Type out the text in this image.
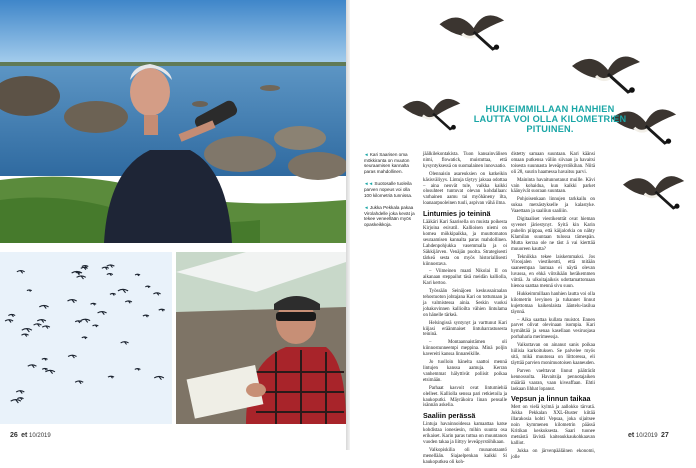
26 et 10/2019
HUIKEIMMILLAAN HANHIEN LAUTTA VOI OLLA KILOMETRIEN PITUINEN.

◄ Kari Saarisen oma mökkiranta on muuton seuraamisen kannalta paras mahdollinen.

◄◄ Suotosalle tuoleila parven nopeus voi olla 100 kilometriä tunnissa.

◄ Jukka Pekkala pakaa Virolahdelle joka kevät ja tekee veneellään myös opaskeikkoja.

jäälkilekontakista. Tuon kansainvälisen nimi, flowatick, muistuttaa, että kysyntyksessä on suomalainen innovaatio.

Olennaisin asareuksien on katkeikin käsisväliyys. Lintuja täytyy jaksaa odottaa – aina neuvät tule, vaikka kaikki olosuhteet tuntuvat olevan kohdallaan: varhainen aamu tai myöhäneny ilta, loanaarpuoleinen tuuli, aspivan vähä ilma.

Lintumies jo teininä

Lääkäri Kari Saarisella on muista poikesta Kirjoina esivatil. Kallioisen niemi on komea mökkipaikka, ja muuttomaton seuraamisen kannalta paras mahdollinen. Lahdenpohjukka vasemmalla ja oi Säkkijärven. Venäjän puolta. Strategisesti tärkeä sesta on myös historiallisesti kiinnostava.

– Viimeinen maati Nikolai II on aikanaan steppailut täsä meidän kalliolla, Kari kertoo.

Työssään Seinäjoen keskussairaalan tehostuoton johtajana Kari on tottumaan ja ja valmistessa ainia. Seskin vuoksi johakovinnen kallioilta vähien lintulama on hänelle tärkeä.

Helsingissä syntynyt ja varttunut Kari kiijasi eräänmaiset lintuharrastusesta teininä.

– Montaannaistämen oli kiinnostunneempi meppina. Minä poljin kavereiti kanssa linnareikille.

Jo tuolloin hänelta saattoi mennä lintujen kanssa aamuja. Kerran vanhemmat hälyttivät poliisit poikaa etsimään.

Parhaat kasvoit ovat lintumiehiä olelleet. Kalliolla senssa pari retkietoila ja kaukoputki. Mäyräkoira linan pensalle isännän askelia.

Saaliin perässä

Lintuja havainnoidessa kamaattaa katse kohdistaa ionesiesin, mihin suunta osa erikaiset. Karin paras tuttua on muuntanon vuoden takaa ja liittyy leveäpyrstöhikaan.

Valkopiskilia oli munanotaantö menellään. Siajaelpenkan kaikki Si kaukoputkea oli koh-

distetty samaan suuntaan. Kari käänsi omaan putkensa väliin siivaan ja havaitsi toisesta suunnasta leveäpyrstökihan. Niitä oli 28, suurin haamessa havaitsu parvi.

Maininta havaitunnotanut muille. Kävi vain kohaidua, kun kaikki parket käänyivät suoraan suuntaan.

Pohjoisenkaan linnujen tarkkailu on sukua metsästykselle ja kalastyke. Vaaettaan ja saaliiun saaliiin.

Digitaaliset viestikenttät ovat hieman syvenet järiestynyt. Syitä kin Karin puhelin piippaa, että käijalorkia on nähty Klamilan suuntaan tulossa tämespän. Mutta kerraa ole ne täst ä vai kierttää muuoreen kautta?

Tekniikka tekee laiskemmaksi. Jos Viroojalen viestikentti, että mitään saaneempaa lautuaa ei näytä olevan luvassa, en ehkä viitsikään heräkemmen viittiä. Ja ulkoitajaiksis udottamattomaan hienoa saattaa mennä sivu suun.

Hukkeimmillaan hanhien lautta voi olla kilometrin levyinen ja tuhannet linnut kujettomaa kaikenlaista ääntelu-lasilua täynnä.

– Aika saattaa kullata muistot. Ennen parvet olivat olevinaan isompia. Kari hymähtää ja senaa kasellaan vesiruojasa porhaharia merimeessja.

Vaikuttavan on ainanut sanis poikaa hiilisia karkoituksen. Se palvelee myös sitä, mikä muutossa on liittoressa, eli täyttää parvien monimuotoisen kaaneuden.

Parven vaelttavat linnut pääträrät kennossolta. Havaitsija pennotajaiken määrää vaaran, vaan kiveaffaan. Ehtii laskaan lihhat lopanut.

Vepsun ja linnun taikaa

Mert on vielä kylmä ja aallokko tärvatä. Jukka Pekkalan XXL-Buster kiitää illarakosia kohti Vepsaa, joka sijaitsee noin kymmenen kilometrin päässä Kritikan keskuksesta. Saari tuonee metsästä lävistä kaiteaukkaukohkaavan kalliot.

Jukka on järvenpääläinen ekonomi, jolle

et 10/2019 27
